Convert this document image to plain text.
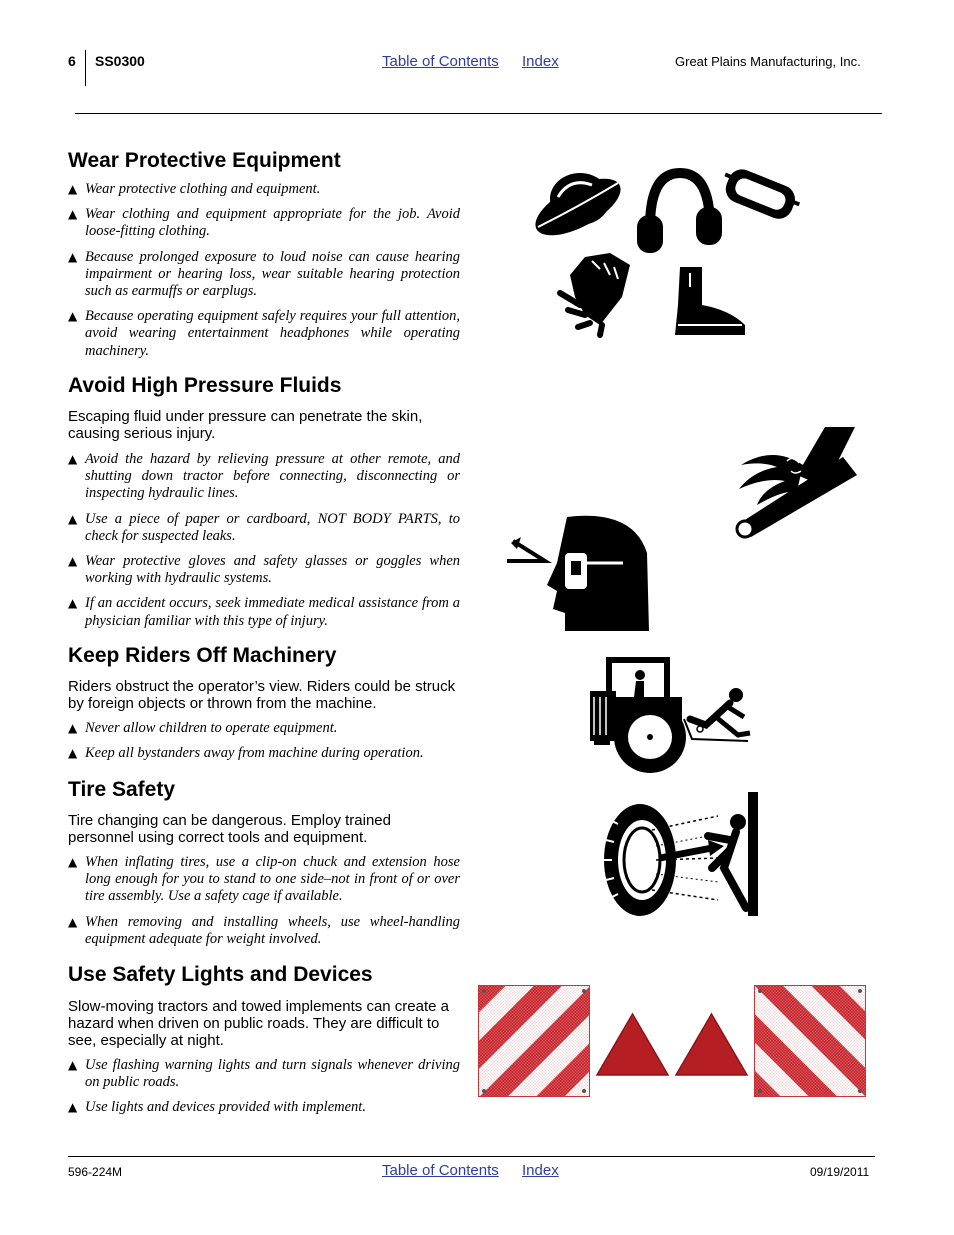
6 SS0300	Table of Contents Index	Great Plains Manufacturing, Inc.
Wear Protective Equipment
▲ Wear protective clothing and equipment.
▲ Wear clothing and equipment appropriate for the job. Avoid loose-fitting clothing.
▲ Because prolonged exposure to loud noise can cause hearing impairment or hearing loss, wear suitable hearing protection such as earmuffs or earplugs.
▲ Because operating equipment safely requires your full attention, avoid wearing entertainment headphones while operating machinery.
Avoid High Pressure Fluids

Escaping fluid under pressure can penetrate the skin, causing serious injury.

▲ Avoid the hazard by relieving pressure at other remote, and shutting down tractor before connecting, disconnecting or inspecting hydraulic lines.
▲ Use a piece of paper or cardboard, NOT BODY PARTS, to check for suspected leaks.
▲ Wear protective gloves and safety glasses or goggles when working with hydraulic systems.
▲ If an accident occurs, seek immediate medical assistance from a physician familiar with this type of injury.
Keep Riders Off Machinery

Riders obstruct the operator’s view. Riders could be struck by foreign objects or thrown from the machine.

▲ Never allow children to operate equipment.
▲ Keep all bystanders away from machine during operation.
Tire Safety

Tire changing can be dangerous. Employ trained personnel using correct tools and equipment.

▲ When inflating tires, use a clip-on chuck and extension hose long enough for you to stand to one side–not in front of or over tire assembly. Use a safety cage if available.
▲ When removing and installing wheels, use wheel-handling equipment adequate for weight involved.
Use Safety Lights and Devices

Slow-moving tractors and towed implements can create a hazard when driven on public roads. They are difficult to see, especially at night.

▲ Use flashing warning lights and turn signals whenever driving on public roads.
▲ Use lights and devices provided with implement.
596-224M	Table of Contents Index	09/19/2011
